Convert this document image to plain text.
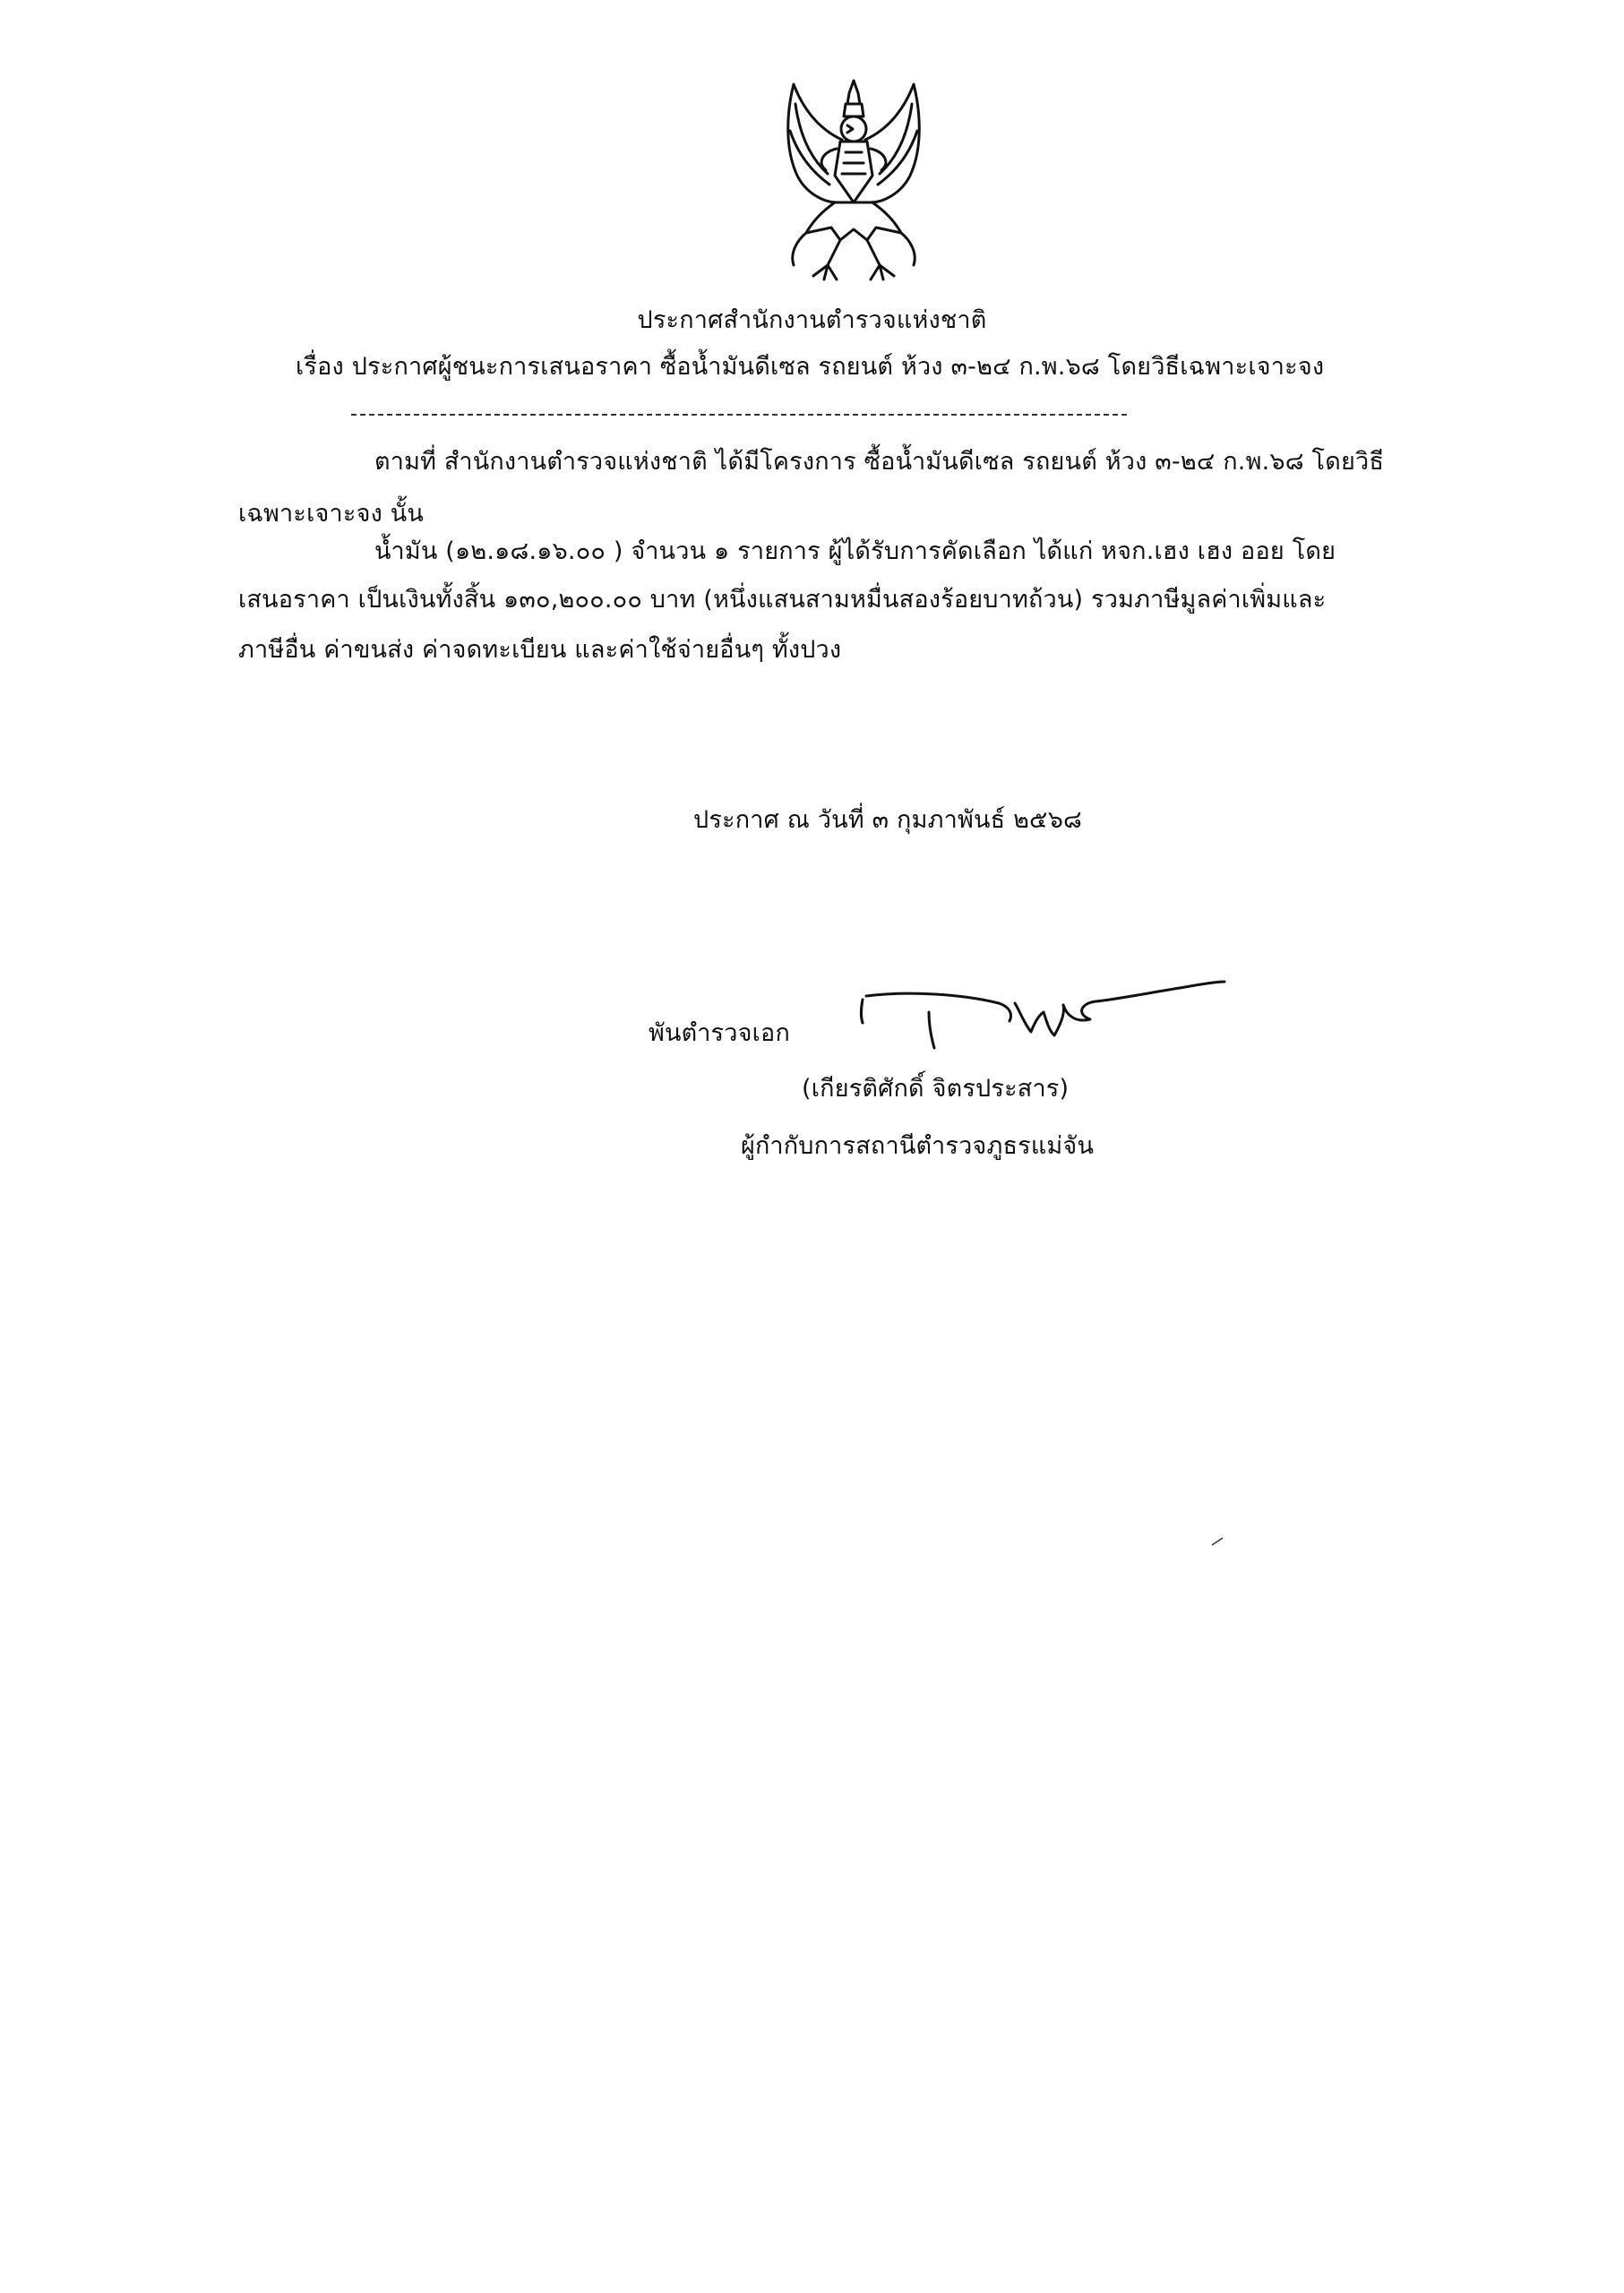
ประกาศสำนักงานตำรวจแห่งชาติ
เรื่อง ประกาศผู้ชนะการเสนอราคา ซื้อน้ำมันดีเซล รถยนต์ ห้วง ๓-๒๔ ก.พ.๖๘ โดยวิธีเฉพาะเจาะจง
ตามที่ สำนักงานตำรวจแห่งชาติ ได้มีโครงการ ซื้อน้ำมันดีเซล รถยนต์ ห้วง ๓-๒๔ ก.พ.๖๘ โดยวิธี
เฉพาะเจาะจง นั้น
น้ำมัน (๑๒.๑๘.๑๖.๐๐ ) จำนวน ๑ รายการ ผู้ได้รับการคัดเลือก ได้แก่ หจก.เฮง เฮง ออย โดย
เสนอราคา เป็นเงินทั้งสิ้น ๑๓๐,๒๐๐.๐๐ บาท (หนึ่งแสนสามหมื่นสองร้อยบาทถ้วน) รวมภาษีมูลค่าเพิ่มและ
ภาษีอื่น ค่าขนส่ง ค่าจดทะเบียน และค่าใช้จ่ายอื่นๆ ทั้งปวง
ประกาศ ณ วันที่ ๓ กุมภาพันธ์ ๒๕๖๘
พันตำรวจเอก
(เกียรติศักดิ์ จิตรประสาร)
ผู้กำกับการสถานีตำรวจภูธรแม่จัน
